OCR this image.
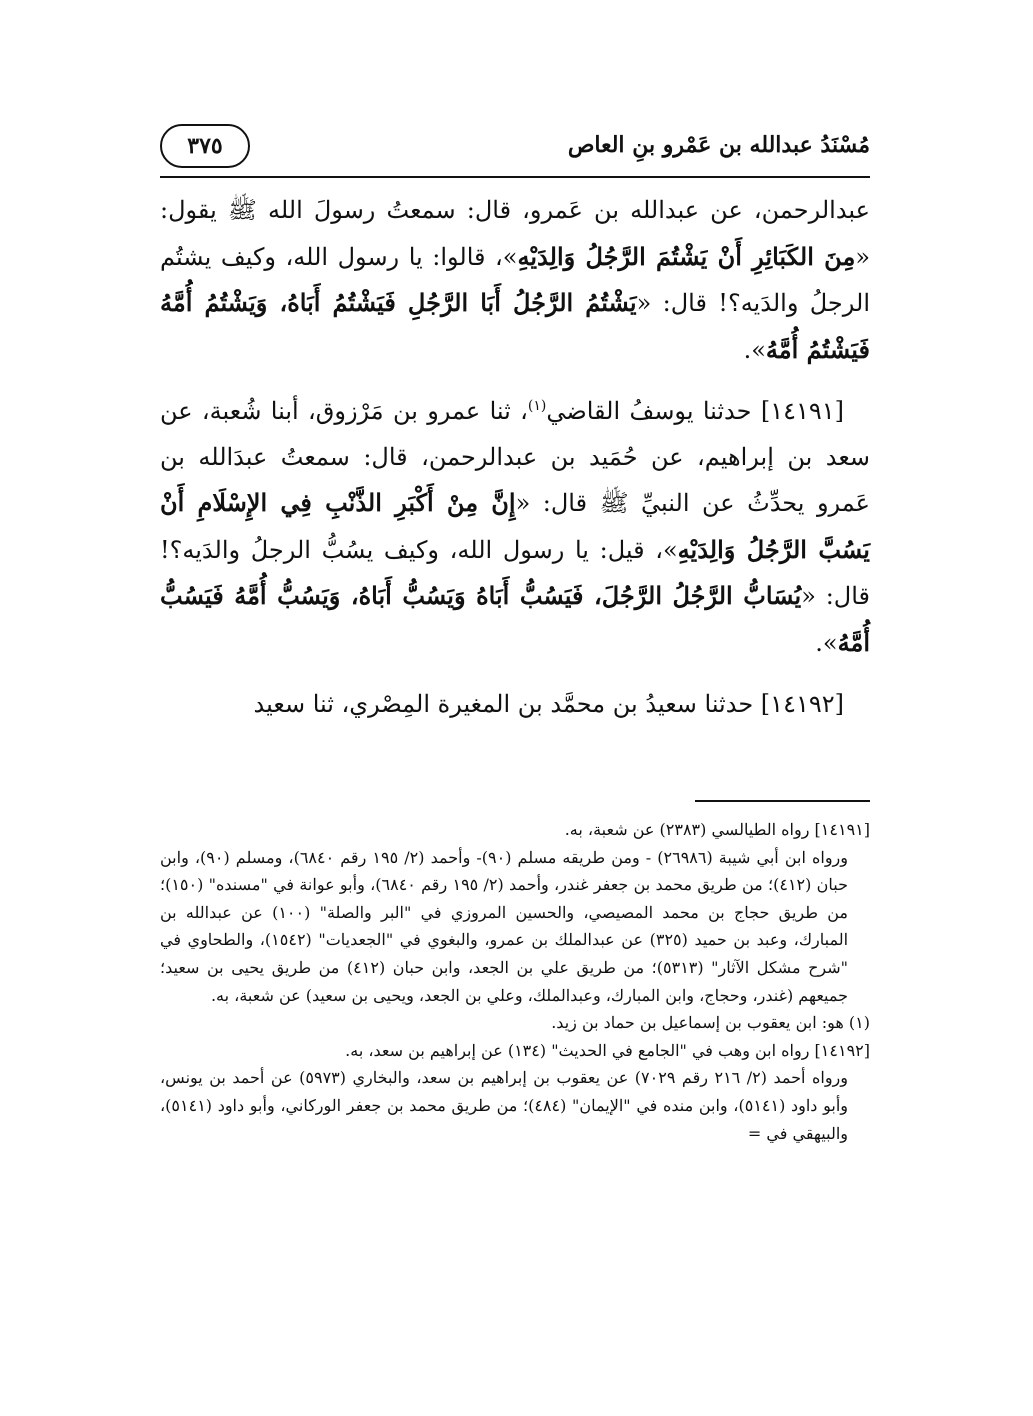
مُسْنَدُ عبدالله بن عَمْرو بنِ العاص
٣٧٥

عبدالرحمن، عن عبدالله بن عَمرو، قال: سمعتُ رسولَ الله ﷺ يقول: «مِنَ الكَبَائِرِ أَنْ يَشْتُمَ الرَّجُلُ وَالِدَيْهِ»، قالوا: يا رسول الله، وكيف يشتُم الرجلُ والدَيه؟! قال: «يَشْتُمُ الرَّجُلُ أَبَا الرَّجُلِ فَيَشْتُمُ أَبَاهُ، وَيَشْتُمُ أُمَّهُ فَيَشْتُمُ أُمَّهُ».

[١٤١٩١] حدثنا يوسفُ القاضي$^{(١)}$، ثنا عمرو بن مَرْزوق، أبنا شُعبة، عن سعد بن إبراهيم، عن حُمَيد بن عبدالرحمن، قال: سمعتُ عبدَالله بن عَمرو يحدِّثُ عن النبيِّ ﷺ قال: «إِنَّ مِنْ أَكْبَرِ الذَّنْبِ فِي الإِسْلَامِ أَنْ يَسُبَّ الرَّجُلُ وَالِدَيْهِ»، قيل: يا رسول الله، وكيف يسُبُّ الرجلُ والدَيه؟! قال: «يُسَابُّ الرَّجُلُ الرَّجُلَ، فَيَسُبُّ أَبَاهُ وَيَسُبُّ أَبَاهُ، وَيَسُبُّ أُمَّهُ فَيَسُبُّ أُمَّهُ».

[١٤١٩٢] حدثنا سعيدُ بن محمَّد بن المغيرة المِصْري، ثنا سعيد

[١٤١٩١] رواه الطيالسي (٢٣٨٣) عن شعبة، به.

ورواه ابن أبي شيبة (٢٦٩٨٦) - ومن طريقه مسلم (٩٠)- وأحمد (٢/ ١٩٥ رقم ٦٨٤٠)، ومسلم (٩٠)، وابن حبان (٤١٢)؛ من طريق محمد بن جعفر غندر، وأحمد (٢/ ١٩٥ رقم ٦٨٤٠)، وأبو عوانة في "مسنده" (١٥٠)؛ من طريق حجاج بن محمد المصيصي، والحسين المروزي في "البر والصلة" (١٠٠) عن عبدالله بن المبارك، وعبد بن حميد (٣٢٥) عن عبدالملك بن عمرو، والبغوي في "الجعديات" (١٥٤٢)، والطحاوي في "شرح مشكل الآثار" (٥٣١٣)؛ من طريق علي بن الجعد، وابن حبان (٤١٢) من طريق يحيى بن سعيد؛ جميعهم (غندر، وحجاج، وابن المبارك، وعبدالملك، وعلي بن الجعد، ويحيى بن سعيد) عن شعبة، به.

(١) هو: ابن يعقوب بن إسماعيل بن حماد بن زيد.

[١٤١٩٢] رواه ابن وهب في "الجامع في الحديث" (١٣٤) عن إبراهيم بن سعد، به.

ورواه أحمد (٢/ ٢١٦ رقم ٧٠٢٩) عن يعقوب بن إبراهيم بن سعد، والبخاري (٥٩٧٣) عن أحمد بن يونس، وأبو داود (٥١٤١)، وابن منده في "الإيمان" (٤٨٤)؛ من طريق محمد بن جعفر الوركاني، وأبو داود (٥١٤١)، والبيهقي في =
